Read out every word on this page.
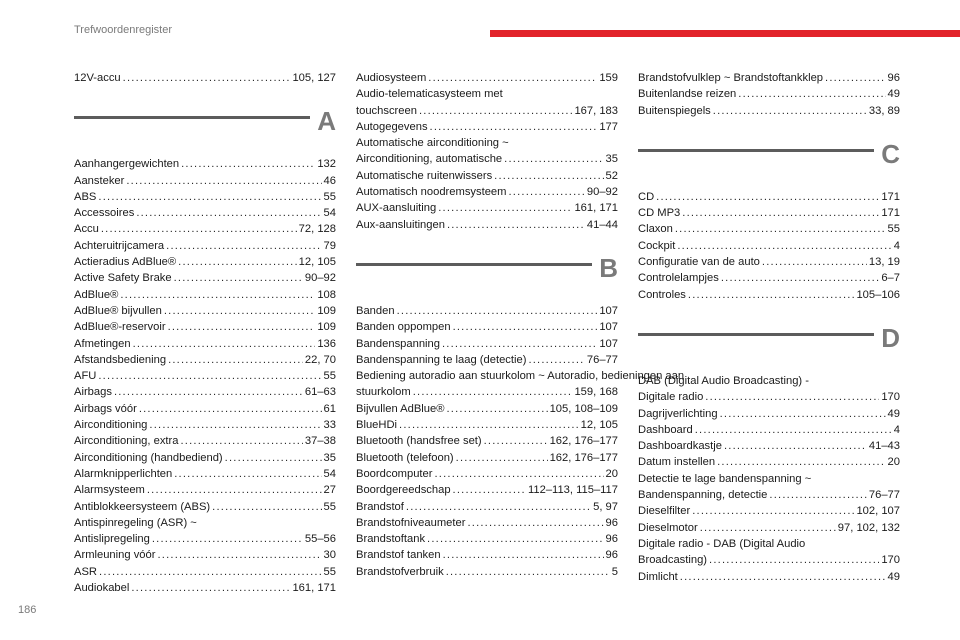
Trefwoordenregister
12V-accu .....	105, 127
A
Aanhangergewichten .....	132
Aansteker .....	46
ABS .....	55
Accessoires .....	54
Accu .....	72, 128
Achteruitrijcamera .....	79
Actieradius AdBlue® .....	12, 105
Active Safety Brake .....	90–92
AdBlue® .....	108
AdBlue® bijvullen .....	109
AdBlue®-reservoir .....	109
Afmetingen .....	136
Afstandsbediening .....	22, 70
AFU .....	55
Airbags .....	61–63
Airbags vóór .....	61
Airconditioning .....	33
Airconditioning, extra .....	37–38
Airconditioning (handbediend) .....	35
Alarmknipperlichten .....	54
Alarmsysteem .....	27
Antiblokkeersysteem (ABS) .....	55
Antispinregeling (ASR) ~
Antislipregeling .....	55–56
Armleuning vóór .....	30
ASR .....	55
Audiokabel .....	161, 171
Audiosysteem .....	159
Audio-telematicasysteem met
touchscreen .....	167, 183
Autogegevens .....	177
Automatische airconditioning ~
Airconditioning, automatische .....	35
Automatische ruitenwissers .....	52
Automatisch noodremsysteem .....	90–92
AUX-aansluiting .....	161, 171
Aux-aansluitingen .....	41–44
B
Banden .....	107
Banden oppompen .....	107
Bandenspanning .....	107
Bandenspanning te laag (detectie) .....	76–77
Bediening autoradio aan stuurkolom ~ Autoradio, bedieningen aan
stuurkolom .....	159, 168
Bijvullen AdBlue® .....	105, 108–109
BlueHDi .....	12, 105
Bluetooth (handsfree set) .....	162, 176–177
Bluetooth (telefoon) .....	162, 176–177
Boordcomputer .....	20
Boordgereedschap .....	112–113, 115–117
Brandstof .....	5, 97
Brandstofniveaumeter .....	96
Brandstoftank .....	96
Brandstof tanken .....	96
Brandstofverbruik .....	5
Brandstofvulklep ~ Brandstoftankklep .....	96
Buitenlandse reizen .....	49
Buitenspiegels .....	33, 89
C
CD .....	171
CD MP3 .....	171
Claxon .....	55
Cockpit .....	4
Configuratie van de auto .....	13, 19
Controlelampjes .....	6–7
Controles .....	105–106
D
DAB (Digital Audio Broadcasting) -
Digitale radio .....	170
Dagrijverlichting .....	49
Dashboard .....	4
Dashboardkastje .....	41–43
Datum instellen .....	20
Detectie te lage bandenspanning ~
Bandenspanning, detectie .....	76–77
Dieselfilter .....	102, 107
Dieselmotor .....	97, 102, 132
Digitale radio - DAB (Digital Audio
Broadcasting) .....	170
Dimlicht .....	49
186
